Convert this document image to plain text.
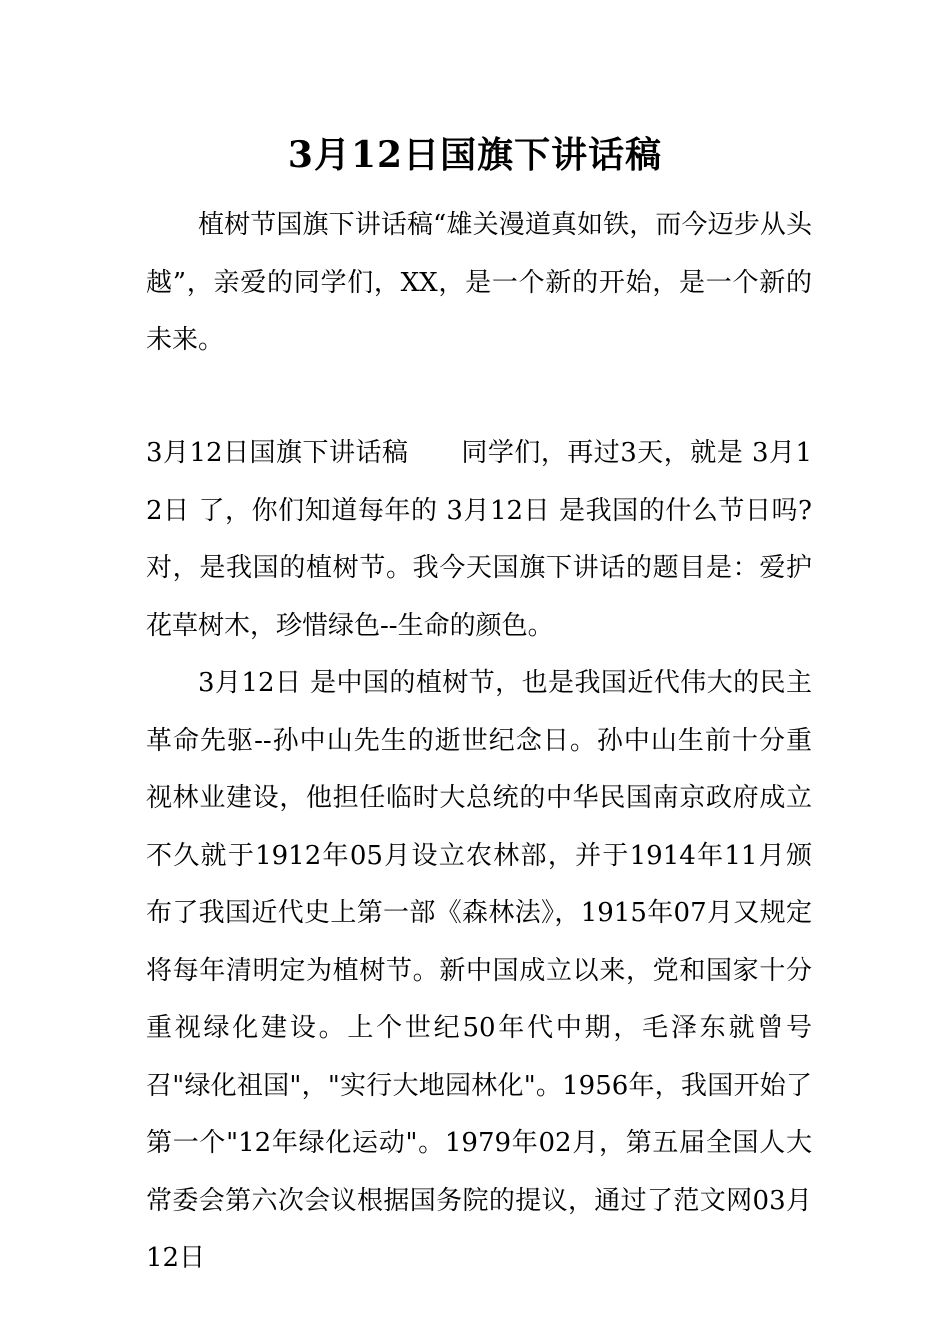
3月12日国旗下讲话稿

植树节国旗下讲话稿“雄关漫道真如铁，而今迈步从头越”，亲爱的同学们，XX，是一个新的开始，是一个新的未来。

3月12日国旗下讲话稿　　同学们，再过3天，就是 3月12日 了，你们知道每年的 3月12日 是我国的什么节日吗?对，是我国的植树节。我今天国旗下讲话的题目是：爱护花草树木，珍惜绿色--生命的颜色。

3月12日 是中国的植树节，也是我国近代伟大的民主革命先驱--孙中山先生的逝世纪念日。孙中山生前十分重视林业建设，他担任临时大总统的中华民国南京政府成立不久就于1912年05月设立农林部，并于1914年11月颁布了我国近代史上第一部《森林法》，1915年07月又规定将每年清明定为植树节。新中国成立以来，党和国家十分重视绿化建设。上个世纪50年代中期，毛泽东就曾号召"绿化祖国"，"实行大地园林化"。1956年，我国开始了第一个"12年绿化运动"。1979年02月，第五届全国人大常委会第六次会议根据国务院的提议，通过了范文网03月12日
